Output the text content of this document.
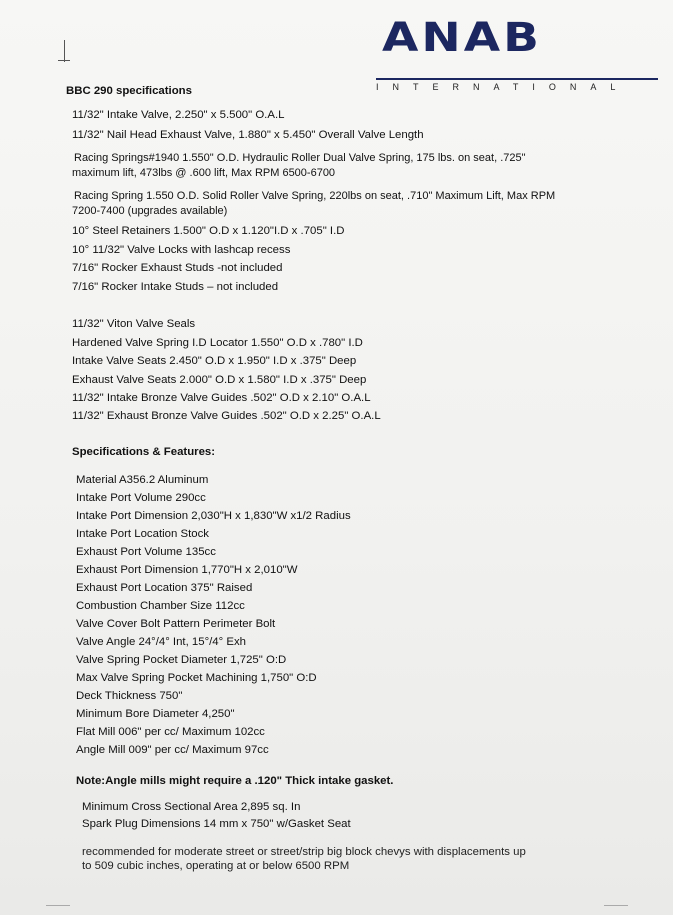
ANAB
INTERNATIONAL
BBC 290 specifications
11/32" Intake Valve, 2.250" x 5.500" O.A.L
11/32" Nail Head Exhaust Valve, 1.880" x 5.450" Overall Valve Length
Racing Springs#1940 1.550" O.D. Hydraulic Roller Dual Valve Spring, 175 lbs. on seat, .725"
maximum lift, 473lbs @ .600 lift, Max RPM 6500-6700
Racing Spring 1.550 O.D. Solid Roller Valve Spring, 220lbs on seat, .710" Maximum Lift, Max RPM
7200-7400 (upgrades available)
10° Steel Retainers 1.500" O.D x 1.120"I.D x .705" I.D
10° 11/32" Valve Locks with lashcap recess
7/16" Rocker Exhaust Studs -not included
7/16" Rocker Intake Studs – not included
11/32" Viton Valve Seals
Hardened Valve Spring I.D Locator 1.550" O.D x .780" I.D
Intake Valve Seats 2.450" O.D x 1.950" I.D x .375" Deep
Exhaust Valve Seats 2.000" O.D x 1.580" I.D x .375" Deep
11/32" Intake Bronze Valve Guides .502" O.D x 2.10" O.A.L
11/32" Exhaust Bronze Valve Guides .502" O.D x 2.25" O.A.L
Specifications & Features:
Material A356.2 Aluminum
Intake Port Volume 290cc
Intake Port Dimension 2,030"H x 1,830"W x1/2 Radius
Intake Port Location Stock
Exhaust Port Volume 135cc
Exhaust Port Dimension 1,770"H x 2,010"W
Exhaust Port Location 375" Raised
Combustion Chamber Size 112cc
Valve Cover Bolt Pattern Perimeter Bolt
Valve Angle 24°/4° Int, 15°/4° Exh
Valve Spring Pocket Diameter 1,725" O:D
Max Valve Spring Pocket Machining 1,750" O:D
Deck Thickness 750"
Minimum Bore Diameter 4,250"
Flat Mill 006" per cc/ Maximum 102cc
Angle Mill 009" per cc/ Maximum 97cc
Note:Angle mills might require a .120" Thick intake gasket.
Minimum Cross Sectional Area 2,895 sq. In
Spark Plug Dimensions 14 mm x 750" w/Gasket Seat
recommended for moderate street or street/strip big block chevys with displacements up
to 509 cubic inches, operating at or below 6500 RPM
